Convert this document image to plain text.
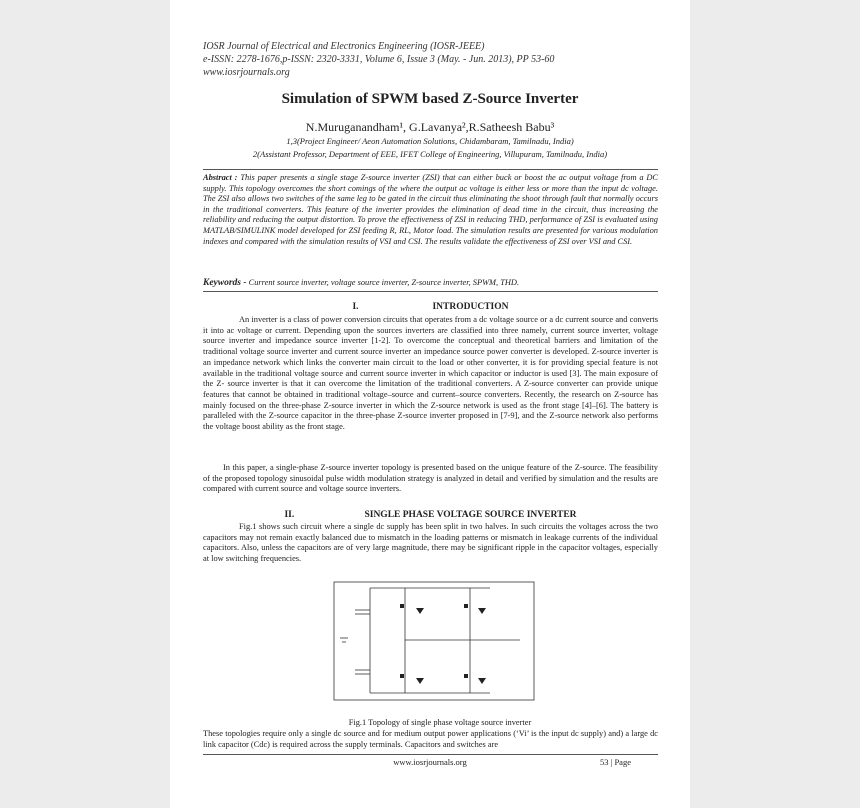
IOSR Journal of Electrical and Electronics Engineering (IOSR-JEEE)
e-ISSN: 2278-1676,p-ISSN: 2320-3331, Volume 6, Issue 3 (May. - Jun. 2013), PP 53-60
www.iosrjournals.org
Simulation of SPWM based Z-Source Inverter
N.Muruganandham¹, G.Lavanya²,R.Satheesh Babu³
1,3(Project Engineer/ Aeon Automation Solutions, Chidambaram, Tamilnadu, India)
2(Assistant Professor, Department of EEE, IFET College of Engineering, Villupuram, Tamilnadu, India)
Abstract : This paper presents a single stage Z-source inverter (ZSI) that can either buck or boost the ac output voltage from a DC supply. This topology overcomes the short comings of the where the output ac voltage is either less or more than the input dc voltage. The ZSI also allows two switches of the same leg to be gated in the circuit thus eliminating the shoot through fault that normally occurs in the traditional converters. This feature of the inverter provides the elimination of dead time in the circuit, thus increasing the reliability and reducing the output distortion. To prove the effectiveness of ZSI in reducing THD, performance of ZSI is evaluated using MATLAB/SIMULINK model developed for ZSI feeding R, RL, Motor load. The simulation results are presented for various modulation indexes and compared with the simulation results of VSI and CSI. The results validate the effectiveness of ZSI over VSI and CSI.
Keywords - Current source inverter, voltage source inverter, Z-source inverter, SPWM, THD.
I.	INTRODUCTION
An inverter is a class of power conversion circuits that operates from a dc voltage source or a dc current source and converts it into ac voltage or current. Depending upon the sources inverters are classified into three namely, current source inverter, voltage source inverter and impedance source inverter [1-2]. To overcome the conceptual and theoretical barriers and limitation of the traditional voltage source inverter and current source inverter an impedance source power converter is developed. Z-source inverter is an impedance network which links the converter main circuit to the load or other converter, it is for providing special feature is not available in the traditional voltage source and current source inverter in which capacitor or inductor is used [3]. The main exposure of the Z- source inverter is that it can overcome the limitation of the traditional converters. A Z-source converter can provide unique features that cannot be obtained in traditional voltage–source and current–source converters. Recently, the research on Z-source has mainly focused on the three-phase Z-source inverter in which the Z-source network is used as the front stage [4]–[6]. The battery is paralleled with the Z-source capacitor in the three-phase Z-source inverter proposed in [7-9], and the Z-source network also performs the voltage boost ability as the front stage.
In this paper, a single-phase Z-source inverter topology is presented based on the unique feature of the Z-source. The feasibility of the proposed topology sinusoidal pulse width modulation strategy is analyzed in detail and verified by simulation and the results are compared with current source and voltage source inverters.
II.	SINGLE PHASE VOLTAGE SOURCE INVERTER
Fig.1 shows such circuit where a single dc supply has been split in two halves. In such circuits the voltages across the two capacitors may not remain exactly balanced due to mismatch in the loading patterns or mismatch in leakage currents of the individual capacitors. Also, unless the capacitors are of very large magnitude, there may be significant ripple in the capacitor voltages, especially at low switching frequencies.
Fig.1 Topology of single phase voltage source inverter
These topologies require only a single dc source and for medium output power applications (‘Vi’ is the input dc supply) and) a large dc link capacitor (Cdc) is required across the supply terminals. Capacitors and switches are
www.iosrjournals.org	53 | Page
